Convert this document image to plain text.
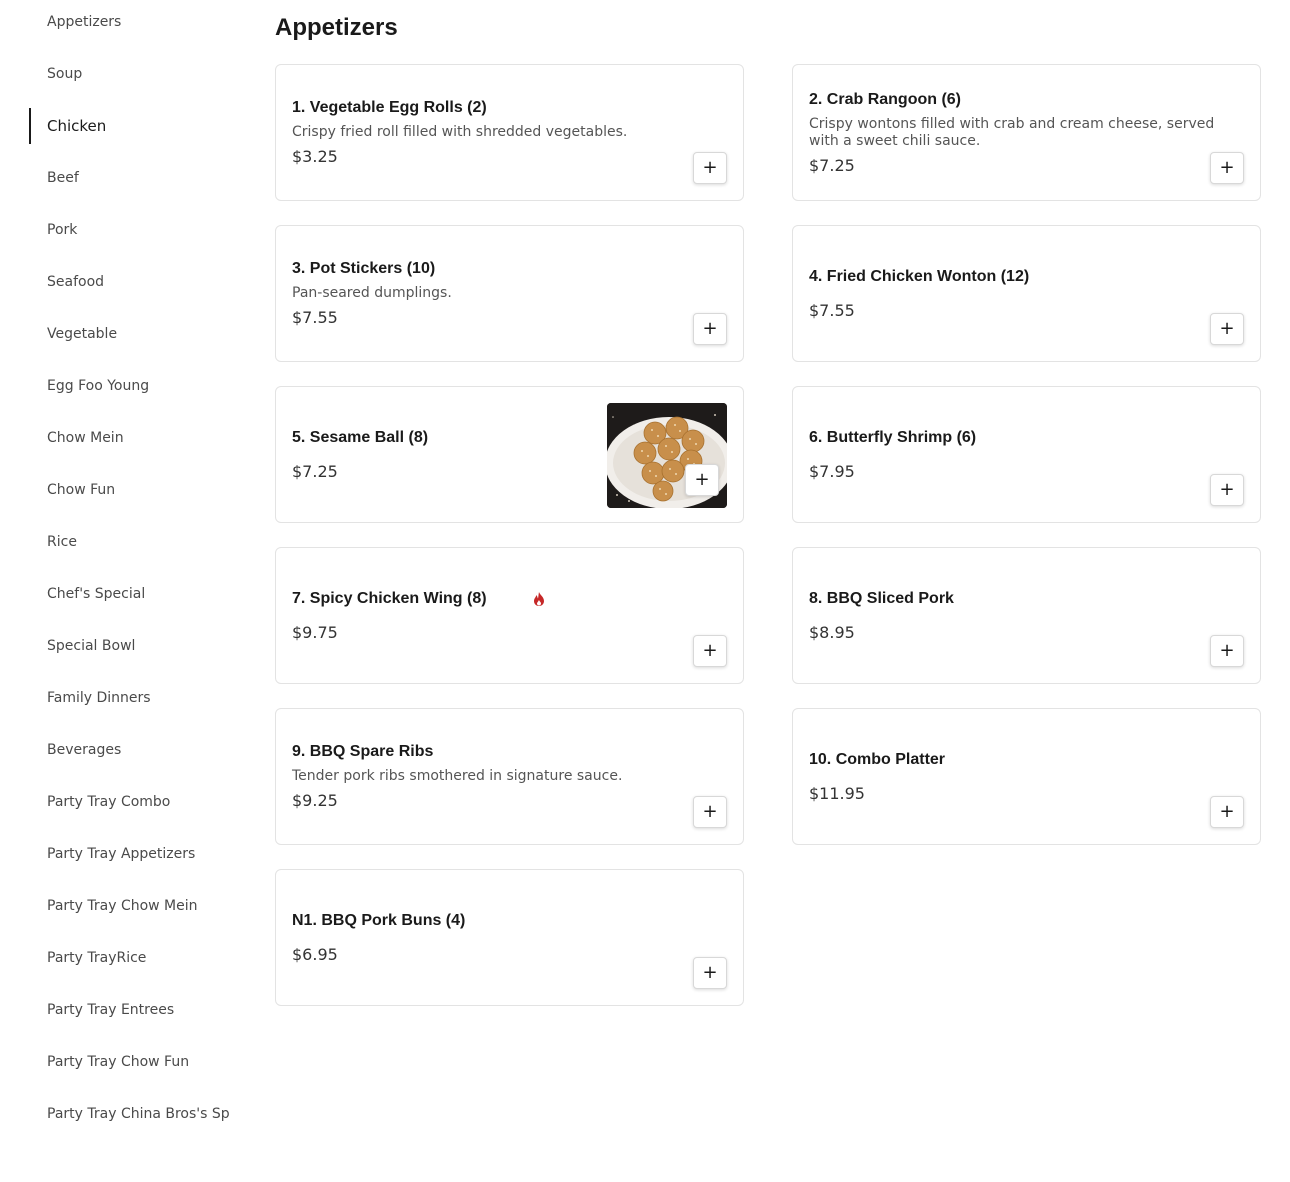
Appetizers
Soup
Chicken
Beef
Pork
Seafood
Vegetable
Egg Foo Young
Chow Mein
Chow Fun
Rice
Chef's Special
Special Bowl
Family Dinners
Beverages
Party Tray Combo
Party Tray Appetizers
Party Tray Chow Mein
Party TrayRice
Party Tray Entrees
Party Tray Chow Fun
Party Tray China Bros's Sp
Appetizers
1. Vegetable Egg Rolls (2)
Crispy fried roll filled with shredded vegetables.
$3.25
+
2. Crab Rangoon (6)
Crispy wontons filled with crab and cream cheese, served with a sweet chili sauce.
$7.25	+
3. Pot Stickers (10)
Pan-seared dumplings.
$7.55
+
4. Fried Chicken Wonton (12)
$7.55
+
5. Sesame Ball (8)
$7.25	+
6. Butterfly Shrimp (6)
$7.95
+
7. Spicy Chicken Wing (8)
$9.75
+
8. BBQ Sliced Pork
$8.95
+
9. BBQ Spare Ribs
Tender pork ribs smothered in signature sauce.
$9.25
+
10. Combo Platter
$11.95
+
N1. BBQ Pork Buns (4)
$6.95
+
